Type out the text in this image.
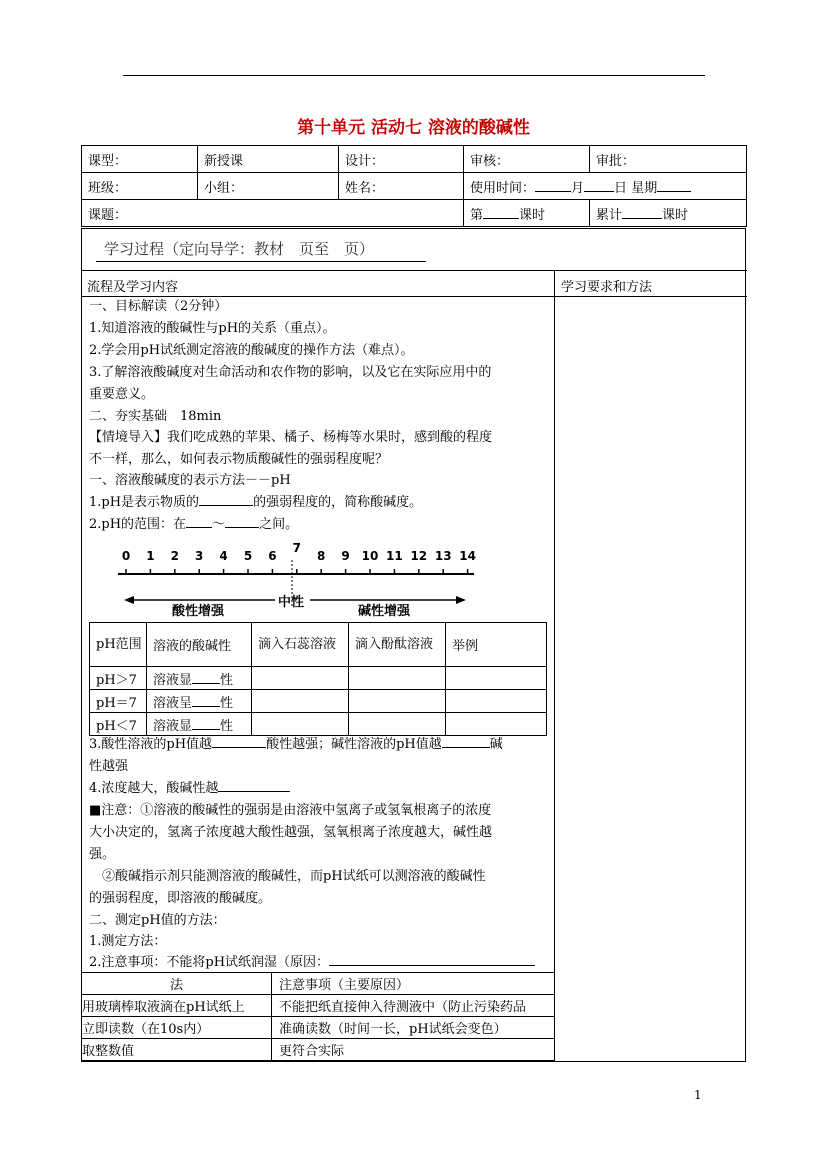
第十单元 活动七 溶液的酸碱性
课型：	新授课	设计：	审核：	审批：
班级：	小组：	姓名：	使用时间： 月 日 星期	
课题：			第 课时	累计 课时
学习过程（定向导学：教材　页至　页）
流程及学习内容	学习要求和方法
一、目标解读（2分钟）
1.知道溶液的酸碱性与pH的关系（重点）。
2.学会用pH试纸测定溶液的酸碱度的操作方法（难点）。
3.了解溶液酸碱度对生命活动和农作物的影响，以及它在实际应用中的
重要意义。
二、夯实基础　18min
【情境导入】我们吃成熟的苹果、橘子、杨梅等水果时，感到酸的程度
不一样，那么，如何表示物质酸碱性的强弱程度呢？
一、溶液酸碱度的表示方法－－pH
1.pH是表示物质的	的强弱程度的，简称酸碱度。
2.pH的范围：在 ～	之间。
0 1 2 3 4 5 6
7
8 9 10 11 12 13 14
酸性增强
中性
碱性增强
pH范围	溶液的酸碱性	滴入石蕊溶液	滴入酚酞溶液	举例
pH＞7	溶液显 性			
pH＝7	溶液呈 性			
pH＜7	溶液显 性			
3.酸性溶液的pH值越	酸性越强；碱性溶液的pH值越	碱
性越强
4.浓度越大，酸碱性越
■注意：①溶液的酸碱性的强弱是由溶液中氢离子或氢氧根离子的浓度
大小决定的，氢离子浓度越大酸性越强，氢氧根离子浓度越大，碱性越
强。
　②酸碱指示剂只能测溶液的酸碱性，而pH试纸可以测溶液的酸碱性
的强弱程度，即溶液的酸碱度。
二、测定pH值的方法：
1.测定方法：
2.注意事项：不能将pH试纸润湿（原因：
法	注意事项（主要原因）
用玻璃棒取液滴在pH试纸上	不能把纸直接伸入待测液中（防止污染药品
立即读数（在10s内）	准确读数（时间一长，pH试纸会变色）
取整数值	更符合实际
1
